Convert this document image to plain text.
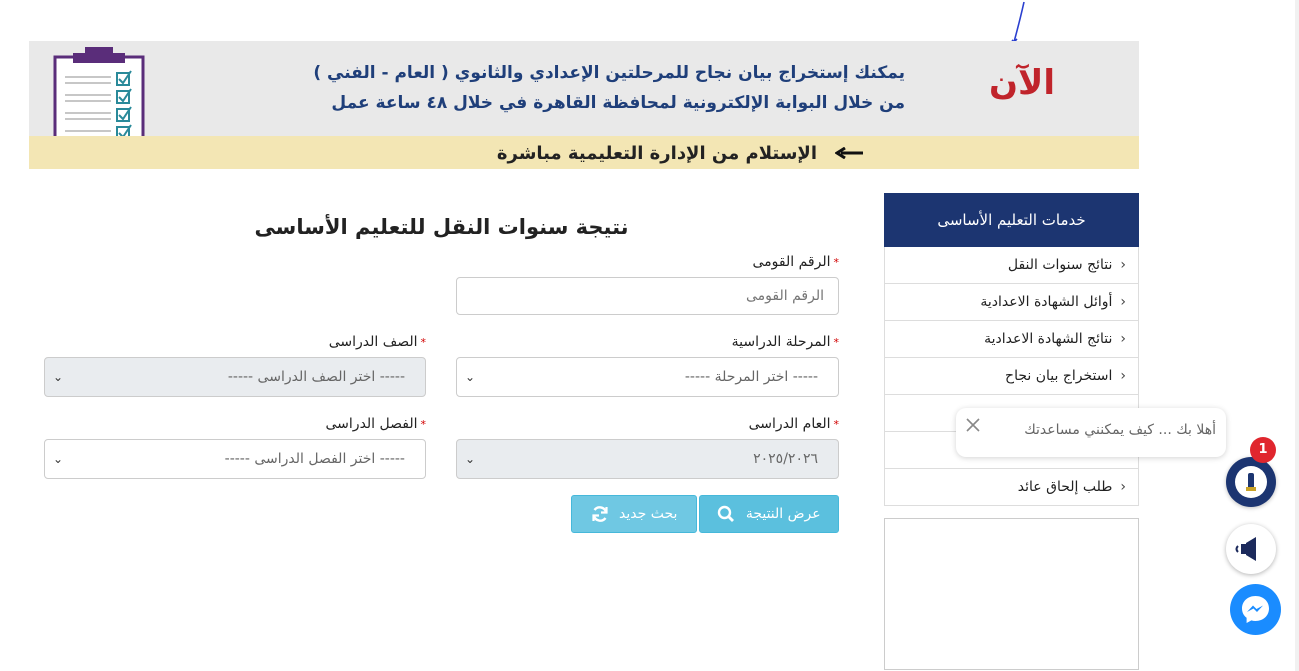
يمكنك إستخراج بيان نجاح للمرحلتين الإعدادي والثانوي ( العام - الفني )
من خلال البوابة الإلكترونية لمحافظة القاهرة في خلال ٤٨ ساعة عمل الآن
الإستلام من الإدارة التعليمية مباشرة
نتيجة سنوات النقل للتعليم الأساسى
*الرقم القومى
الرقم القومى
*المرحلة الدراسية
----- اختر المرحلة -----
⌄
*الصف الدراسى
----- اختر الصف الدراسى -----
⌄
*العام الدراسى
٢٠٢٥/٢٠٢٦
⌄
*الفصل الدراسى
----- اختر الفصل الدراسى -----
⌄
عرض النتيجة
بحث جديد
خدمات التعليم الأساسى
‹نتائج سنوات النقل
‹أوائل الشهادة الاعدادية
‹نتائج الشهادة الاعدادية
‹استخراج بيان نجاح
‹طلب إلحاق عائد
أهلا بك ... كيف يمكنني مساعدتك
1
